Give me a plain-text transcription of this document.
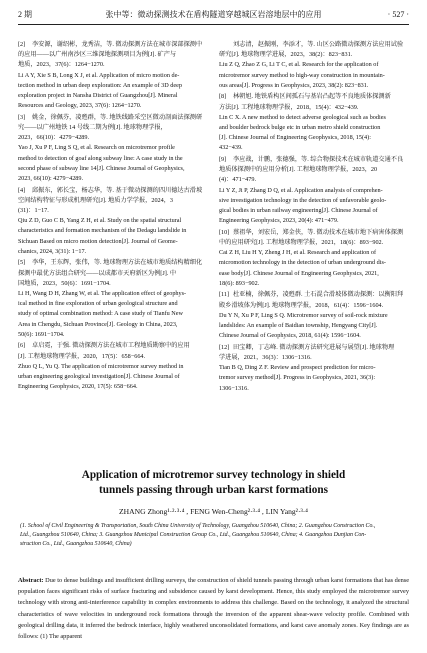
2 期	张中等：微动探测技术在盾构隧道穿越城区岩溶地层中的应用	· 527 ·
[2] 李安源，谢绍彬，龙秀洁，等. 微动探测方法在城市深部探测中

的应用——以广州南沙区三维深地探测项目为例[J]. 矿产与
地质，2023，37(6)：1264−1270.
Li A Y, Xie S B, Long X J, et al. Application of micro motion de-
tection method in urban deep exploration: An example of 3D deep
exploration project in Nansha District of Guangzhou[J]. Mineral
Resources and Geology, 2023, 37(6): 1264−1270.
[3] 姚金，徐佩芬，凌甦群，等. 地铁线路采空区微动剖面法探测研

究——以广州地铁 14 号线二期为例[J]. 地球物理学报，
2023，66(10)：4279−4289.
Yao J, Xu P F, Ling S Q, et al. Research on microtremor profile
method to detection of goaf along subway line: A case study in the
second phase of subway line 14[J]. Chinese Journal of Geophysics,
2023, 66(10): 4279−4289.
[4] 邱振东，郭长宝，杨志华，等. 基于微动探测的四川德达古滑坡

空间结构特征与形成机理研究[J]. 地质力学学报，2024，3
(31)：1−17.
Qiu Z D, Guo C B, Yang Z H, et al. Study on the spatial structural
characteristics and formation mechanism of the Dedagu landslide in
Sichuan Based on micro motion detection[J]. Journal of Geome-
chanics, 2024, 3(31): 1−17.
[5] 李华，王东辉，张伟，等. 地球物理方法在城市地质结构精细化

探测中最优方法组合研究——以成都市天府新区为例[J]. 中
国地质，2023，50(6)：1691−1704.
Li H, Wang D H, Zhang W, et al. The application effect of geophys-
ical method in fine exploration of urban geological structure and
study of optimal combination method: A case study of Tianfu New
Area in Chengdu, Sichuan Province[J]. Geology in China, 2023,
50(6): 1691−1704.
[6] 卓启霓，于强. 微动探测方法在城市工程地质勘察中的应用

[J]. 工程地球物理学报，2020，17(5)：658−664.
Zhuo Q L, Yu Q. The application of microtremor survey method in
urban engineering geological investigation[J]. Chinese Journal of
Engineering Geophysics, 2020, 17(5): 658−664.
刘志清，赵振刚，李添才，等. 山区公路微动探测方法应用试验

研究[J]. 地球物理学进展，2023，38(2)：823−831.
Liu Z Q, Zhao Z G, Li T C, et al. Research for the application of
microtremor survey method to high-way construction in mountain-
ous areas[J]. Progress in Geophysics, 2023, 38(2): 823−831.
[8] 林朝旭. 地铁盾构区间孤石与基岩凸起等不良地质体探测新

方法[J]. 工程地球物理学报，2018，15(4)：432−439.
Lin C X. A new method to detect adverse geological such as bodies
and boulder bedrock bulge etc in urban metro shield construction
[J]. Chinese Journal of Engineering Geophysics, 2018, 15(4):
432−439.
[9] 李应战，计鹏，张德强，等. 综合物探技术在城市轨道交通不良

地质体探测中的应用分析[J]. 工程地球物理学报，2023，20
(4)：471−479.
Li Y Z, Ji P, Zhang D Q, et al. Application analysis of comprehen-
sive investigation technology in the detection of unfavorable geolo-
gical bodies in urban railway engineering[J]. Chinese Journal of
Engineering Geophysics, 2023, 20(4): 471−479.
[10] 蔡祖华，刘宏岳，郑金侠，等. 微动技术在城市地下病害体探测

中的应用研究[J]. 工程地球物理学报，2021，18(6)：893−902.
Cai Z H, Liu H Y, Zheng J H, et al. Research and application of
micromotion technology in the detection of urban underground dis-
ease body[J]. Chinese Journal of Engineering Geophysics, 2021,
18(6): 893−902.
[11] 杜亚楠，徐佩芬，凌甦群. 土石混合滑坡体微动探测：以衡阳拜

殿乡滑坡体为例[J]. 地球物理学报，2018，61(4)：1596−1604.
Du Y N, Xu P F, Ling S Q. Microtremor survey of soil-rock mixture
landslides: An example of Baidian township, Hengyang City[J].
Chinese Journal of Geophysics, 2018, 61(4): 1596−1604.
[12] 田宝卿，丁志峰. 微动探测方法研究进展与展望[J]. 地球物理

学进展，2021，36(3)：1306−1316.
Tian B Q, Ding Z F. Review and prospect prediction for micro-
tremor survey method[J]. Progress in Geophysics, 2021, 36(3):
1306−1316.
Application of microtremor survey technology in shield
tunnels passing through urban karst formations
ZHANG Zhong¹·²·³·⁴ , FENG Wen-Cheng²·³·⁴ , LIN Yang²·³·⁴
(1. School of Civil Engineering & Transportation, South China University of Technology, Guangzhou 510640, China; 2. Guangzhou Construction Co.,
Ltd., Guangzhou 510640, China; 3. Guangzhou Municipal Construction Group Co., Ltd., Guangzhou 510640, China; 4. Guangzhou Dunjian Con-
struction Co., Ltd., Guangzhou 510640, China)
Abstract: Due to dense buildings and insufficient drilling surveys, the construction of shield tunnels passing through urban karst formations that has dense population faces significant risks of surface fracturing and subsidence caused by karst development. Hence, this study employed the microtremor survey technology with strong anti-interference capability in complex environments to address this challenge. Based on the technology, it analyzed the structural characteristics of wave velocities in underground rock formations through the inversion of the apparent shear-wave velocity profile. Combined with geological drilling data, it inferred the bedrock interface, highly weathered unconsolidated formations, and karst cave anomaly zones. Key findings are as follows: (1) The apparent
